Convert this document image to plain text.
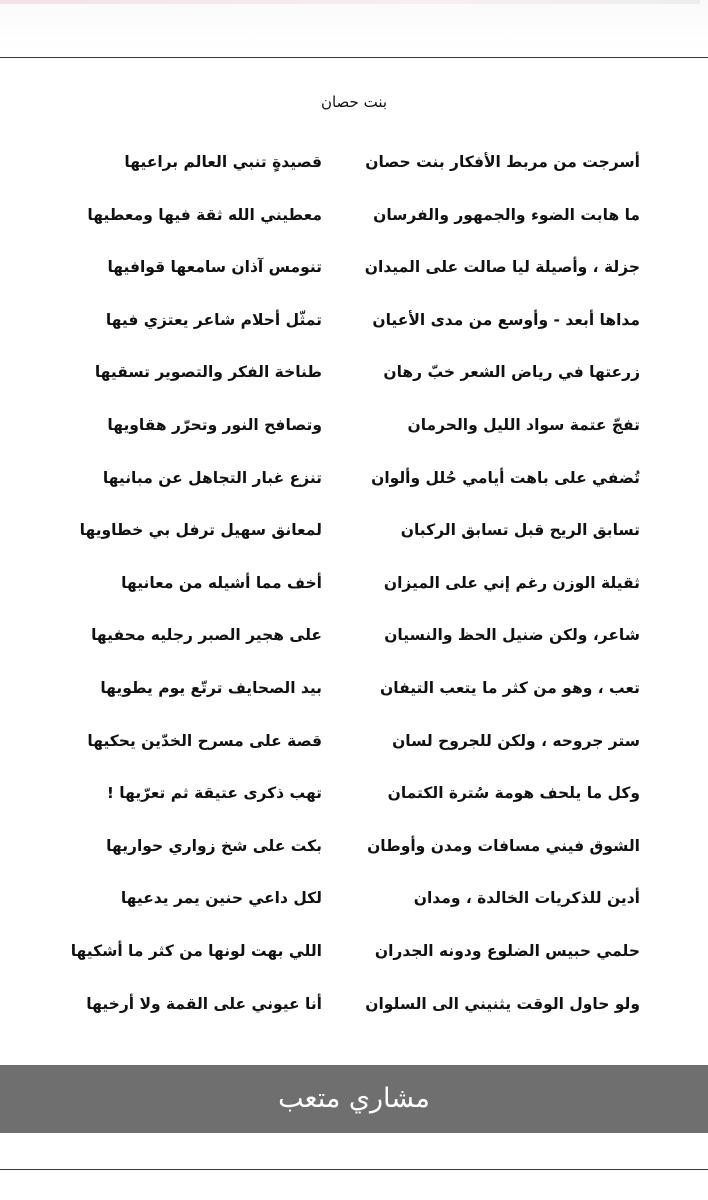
بنت حصان
أسرجت من مربط الأفكار بنت حصان
قصيدةٍ تنبي العالم براعيها
ما هابت الضوء والجمهور والفرسان
معطيني الله ثقة فيها ومعطيها
جزلة ، وأصيلة ليا صالت على الميدان
تنومس آذان سامعها قوافيها
مداها أبعد - وأوسع من مدى الأعيان
تمثّل أحلام شاعر يعتزي فيها
زرعتها في رياض الشعر خبّ رهان
طناخة الفكر والتصوير تسقيها
تفجّ عتمة سواد الليل والحرمان
وتصافح النور وتحرّر هقاويها
تُضفي على باهت أيامي حُلل وألوان
تنزع غبار التجاهل عن مبانيها
تسابق الريح قبل تسابق الركبان
لمعانق سهيل ترفل بي خطاويها
ثقيلة الوزن رغم إني على الميزان
أخف مما أشيله من معانيها
شاعر، ولكن ضنيل الحظ والنسيان
على هجير الصبر رجليه محفيها
تعب ، وهو من كثر ما يتعب التيفان
بيد الصحايف ترتّع يوم يطويها
ستر جروحه ، ولكن للجروح لسان
قصة على مسرح الخدّين يحكيها
وكل ما يلحف هومة سُترة الكتمان
تهب ذكرى عتيقة ثم تعرّيها !
الشوق فيني مسافات ومدن وأوطان
بكت على شخ زواري حواريها
أدين للذكريات الخالدة ، ومدان
لكل داعي حنين يمر يدعيها
حلمي حبيس الضلوع ودونه الجدران
اللي بهت لونها من كثر ما أشكيها
ولو حاول الوقت يثنيني الى السلوان
أنا عيوني على القمة ولا أرخيها
مشاري متعب
